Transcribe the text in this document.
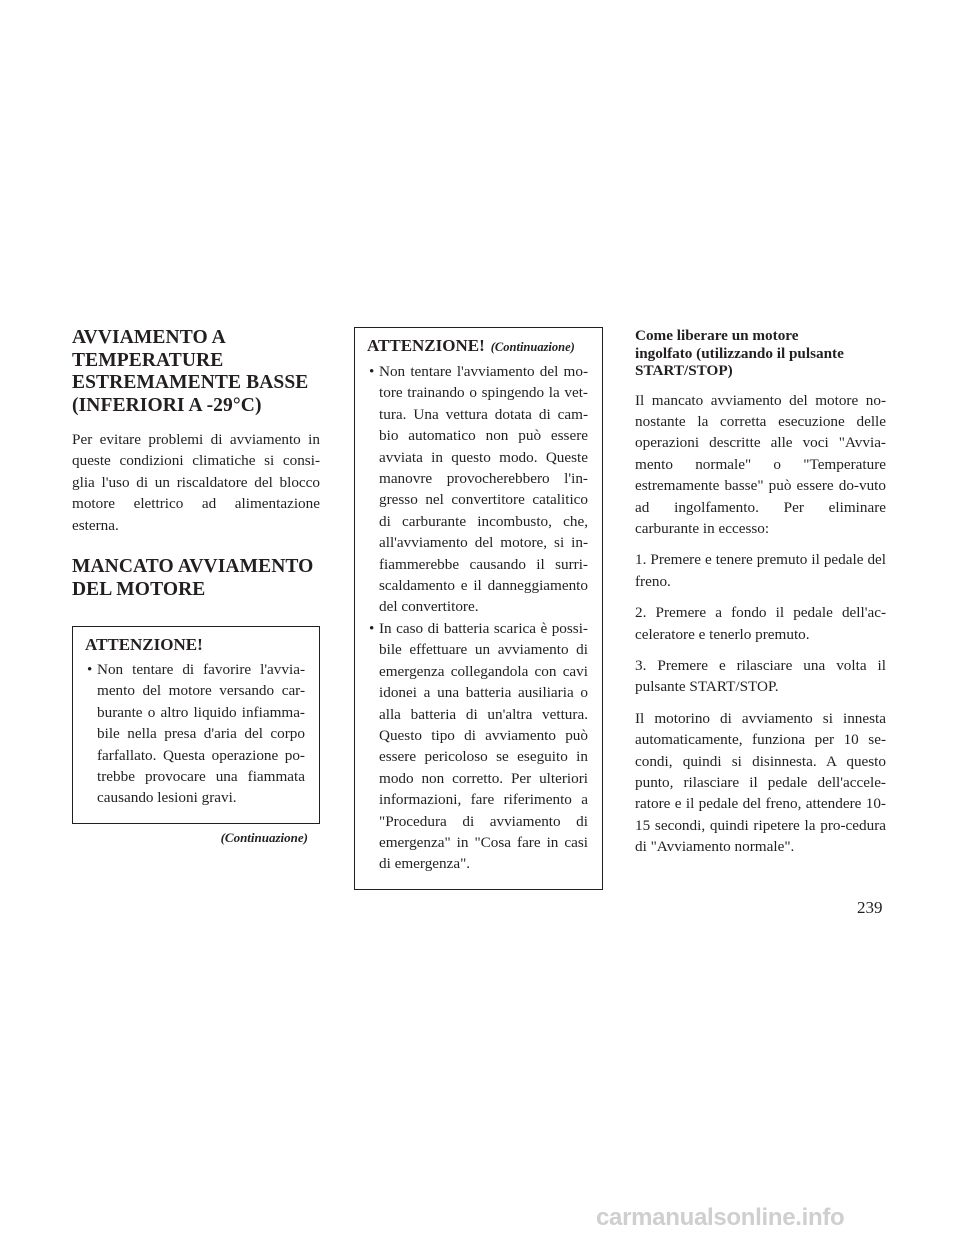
AVVIAMENTO A
TEMPERATURE
ESTREMAMENTE BASSE
(INFERIORI A -29°C)

Per evitare problemi di avviamento in queste condizioni climatiche si consi-glia l'uso di un riscaldatore del blocco motore elettrico ad alimentazione esterna.

MANCATO AVVIAMENTO
DEL MOTORE
ATTENZIONE!
• Non tentare di favorire l'avvia-mento del motore versando car-burante o altro liquido infiamma-bile nella presa d'aria del corpo farfallato. Questa operazione po-trebbe provocare una fiammata causando lesioni gravi.
(Continuazione)
ATTENZIONE! (Continuazione)
• Non tentare l'avviamento del mo-tore trainando o spingendo la vet-tura. Una vettura dotata di cam-bio automatico non può essere avviata in questo modo. Queste manovre provocherebbero l'in-gresso nel convertitore catalitico di carburante incombusto, che, all'avviamento del motore, si in-fiammerebbe causando il surri-scaldamento e il danneggiamento del convertitore.
• In caso di batteria scarica è possi-bile effettuare un avviamento di emergenza collegandola con cavi idonei a una batteria ausiliaria o alla batteria di un'altra vettura. Questo tipo di avviamento può essere pericoloso se eseguito in modo non corretto. Per ulteriori informazioni, fare riferimento a "Procedura di avviamento di emergenza" in "Cosa fare in casi di emergenza".

Come liberare un motore
ingolfato (utilizzando il pulsante
START/STOP)

Il mancato avviamento del motore no-nostante la corretta esecuzione delle operazioni descritte alle voci "Avvia-mento normale" o "Temperature estremamente basse" può essere do-vuto ad ingolfamento. Per eliminare carburante in eccesso:

1. Premere e tenere premuto il pedale del freno.

2. Premere a fondo il pedale dell'ac-celeratore e tenerlo premuto.

3. Premere e rilasciare una volta il pulsante START/STOP.

Il motorino di avviamento si innesta automaticamente, funziona per 10 se-condi, quindi si disinnesta. A questo punto, rilasciare il pedale dell'accele-ratore e il pedale del freno, attendere 10-15 secondi, quindi ripetere la pro-cedura di "Avviamento normale".

239
carmanualsonline.info
